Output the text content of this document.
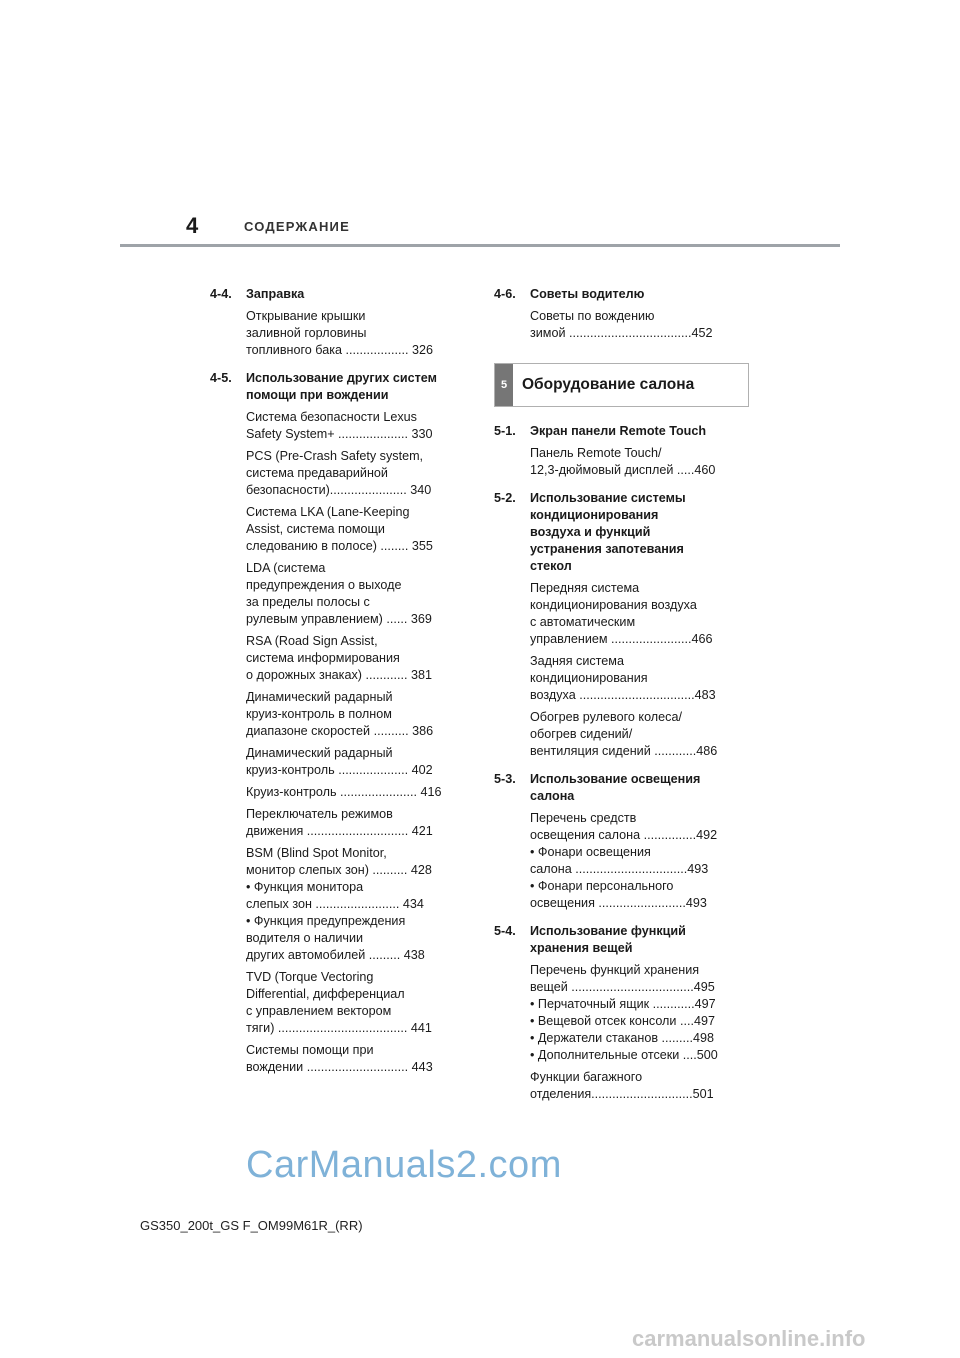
4	СОДЕРЖАНИЕ
4-4. Заправка
Открывание крышки
заливной горловины
топливного бака .................. 326
4-5. Использование других систем
помощи при вождении
Система безопасности Lexus
Safety System+ .................... 330
PCS (Pre-Crash Safety system,
система предаварийной
безопасности)...................... 340
Система LKA (Lane-Keeping
Assist, система помощи
следованию в полосе) ........ 355
LDA (система
предупреждения о выходе
за пределы полосы с
рулевым управлением) ...... 369
RSA (Road Sign Assist,
система информирования
о дорожных знаках) ............ 381
Динамический радарный
круиз-контроль в полном
диапазоне скоростей .......... 386
Динамический радарный
круиз-контроль .................... 402
Круиз-контроль ...................... 416
Переключатель режимов
движения ............................. 421
BSM (Blind Spot Monitor,
монитор слепых зон) .......... 428
• Функция монитора
слепых зон ........................ 434
• Функция предупреждения
водителя о наличии
других автомобилей ......... 438
TVD (Torque Vectoring
Differential, дифференциал
с управлением вектором
тяги) ..................................... 441
Системы помощи при
вождении ............................. 443
4-6. Советы водителю
Советы по вождению
зимой ...................................452
5 Оборудование салона
5-1. Экран панели Remote Touch
Панель Remote Touch/
12,3-дюймовый дисплей .....460
5-2. Использование системы
кондиционирования
воздуха и функций
устранения запотевания
стекол
Передняя система
кондиционирования воздуха
с автоматическим
управлением .......................466
Задняя система
кондиционирования
воздуха .................................483
Обогрев рулевого колеса/
обогрев сидений/
вентиляция сидений ............486
5-3. Использование освещения
салона
Перечень средств
освещения салона ...............492
• Фонари освещения
салона ................................493
• Фонари персонального
освещения .........................493
5-4. Использование функций
хранения вещей
Перечень функций хранения
вещей ...................................495
• Перчаточный ящик ............497
• Вещевой отсек консоли ....497
• Держатели стаканов .........498
• Дополнительные отсеки ....500
Функции багажного
отделения.............................501
CarManuals2.com
GS350_200t_GS F_OM99M61R_(RR)
carmanualsonline.info
